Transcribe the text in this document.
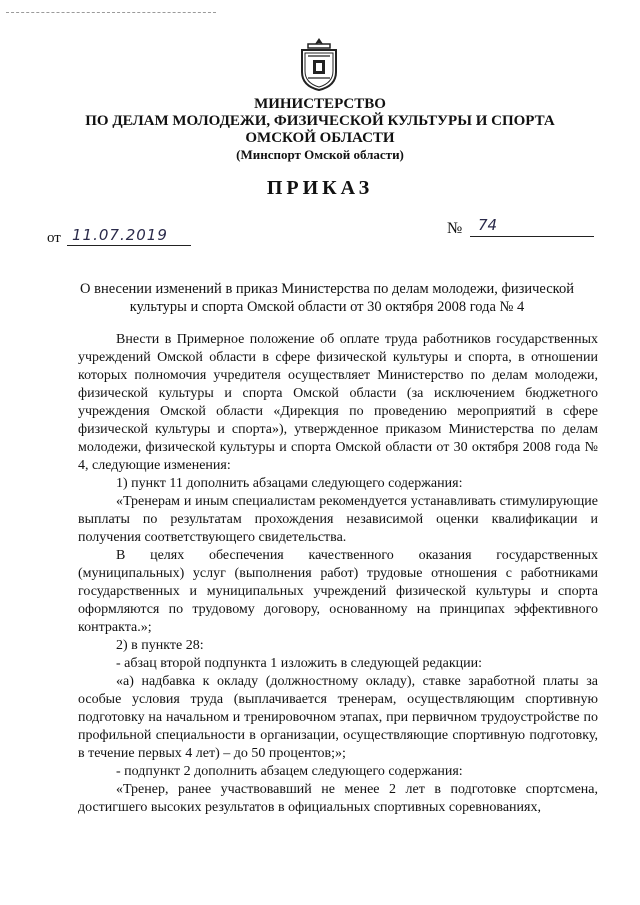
МИНИСТЕРСТВО
ПО ДЕЛАМ МОЛОДЕЖИ, ФИЗИЧЕСКОЙ КУЛЬТУРЫ И СПОРТА
ОМСКОЙ ОБЛАСТИ
(Минспорт Омской области)
ПРИКАЗ
от 11.07.2019	№ 74
О внесении изменений в приказ Министерства по делам молодежи, физической культуры и спорта Омской области от 30 октября 2008 года № 4

Внести в Примерное положение об оплате труда работников государственных учреждений Омской области в сфере физической культуры и спорта, в отношении которых полномочия учредителя осуществляет Министерство по делам молодежи, физической культуры и спорта Омской области (за исключением бюджетного учреждения Омской области «Дирекция по проведению мероприятий в сфере физической культуры и спорта»), утвержденное приказом Министерства по делам молодежи, физической культуры и спорта Омской области от 30 октября 2008 года № 4, следующие изменения:

1) пункт 11 дополнить абзацами следующего содержания:

«Тренерам и иным специалистам рекомендуется устанавливать стимулирующие выплаты по результатам прохождения независимой оценки квалификации и получения соответствующего свидетельства.

В целях обеспечения качественного оказания государственных (муниципальных) услуг (выполнения работ) трудовые отношения с работниками государственных и муниципальных учреждений физической культуры и спорта оформляются по трудовому договору, основанному на принципах эффективного контракта.»;

2) в пункте 28:

- абзац второй подпункта 1 изложить в следующей редакции:

«а) надбавка к окладу (должностному окладу), ставке заработной платы за особые условия труда (выплачивается тренерам, осуществляющим спортивную подготовку на начальном и тренировочном этапах, при первичном трудоустройстве по профильной специальности в организации, осуществляющие спортивную подготовку, в течение первых 4 лет) – до 50 процентов;»;

- подпункт 2 дополнить абзацем следующего содержания:

«Тренер, ранее участвовавший не менее 2 лет в подготовке спортсмена, достигшего высоких результатов в официальных спортивных соревнованиях,
